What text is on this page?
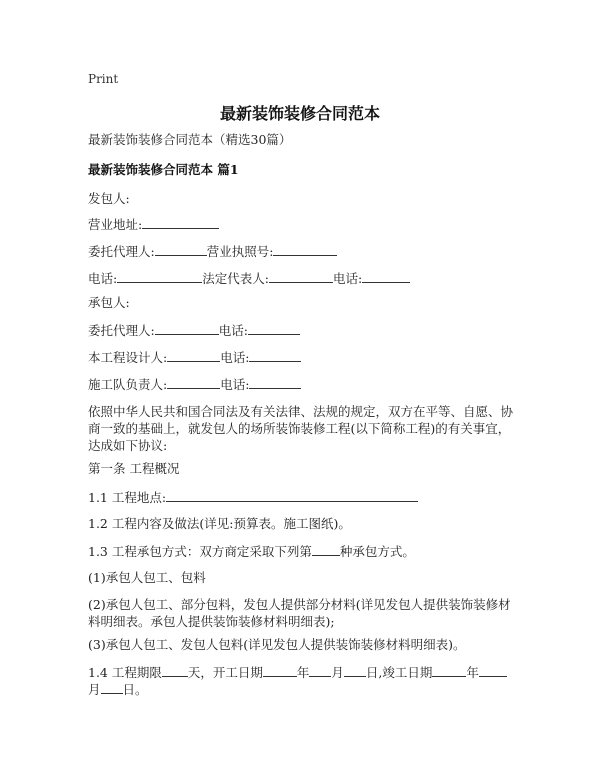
Print
最新装饰装修合同范本
最新装饰装修合同范本（精选30篇）
最新装饰装修合同范本 篇1
发包人:
营业地址:
委托代理人:	营业执照号:
电话:	法定代表人:	电话:
承包人:
委托代理人:	电话:
本工程设计人:	电话:
施工队负责人:	电话:
依照中华人民共和国合同法及有关法律、法规的规定，双方在平等、自愿、协商一致的基础上，就发包人的场所装饰装修工程(以下简称工程)的有关事宜，达成如下协议:
第一条 工程概况
1.1 工程地点:
1.2 工程内容及做法(详见:预算表。施工图纸)。
1.3 工程承包方式：双方商定采取下列第 种承包方式。
(1)承包人包工、包料
(2)承包人包工、部分包料，发包人提供部分材料(详见发包人提供装饰装修材料明细表。承包人提供装饰装修材料明细表);
(3)承包人包工、发包人包料(详见发包人提供装饰装修材料明细表)。
1.4 工程期限 天，开工日期	年 月 日,竣工日期	年
月 日。
